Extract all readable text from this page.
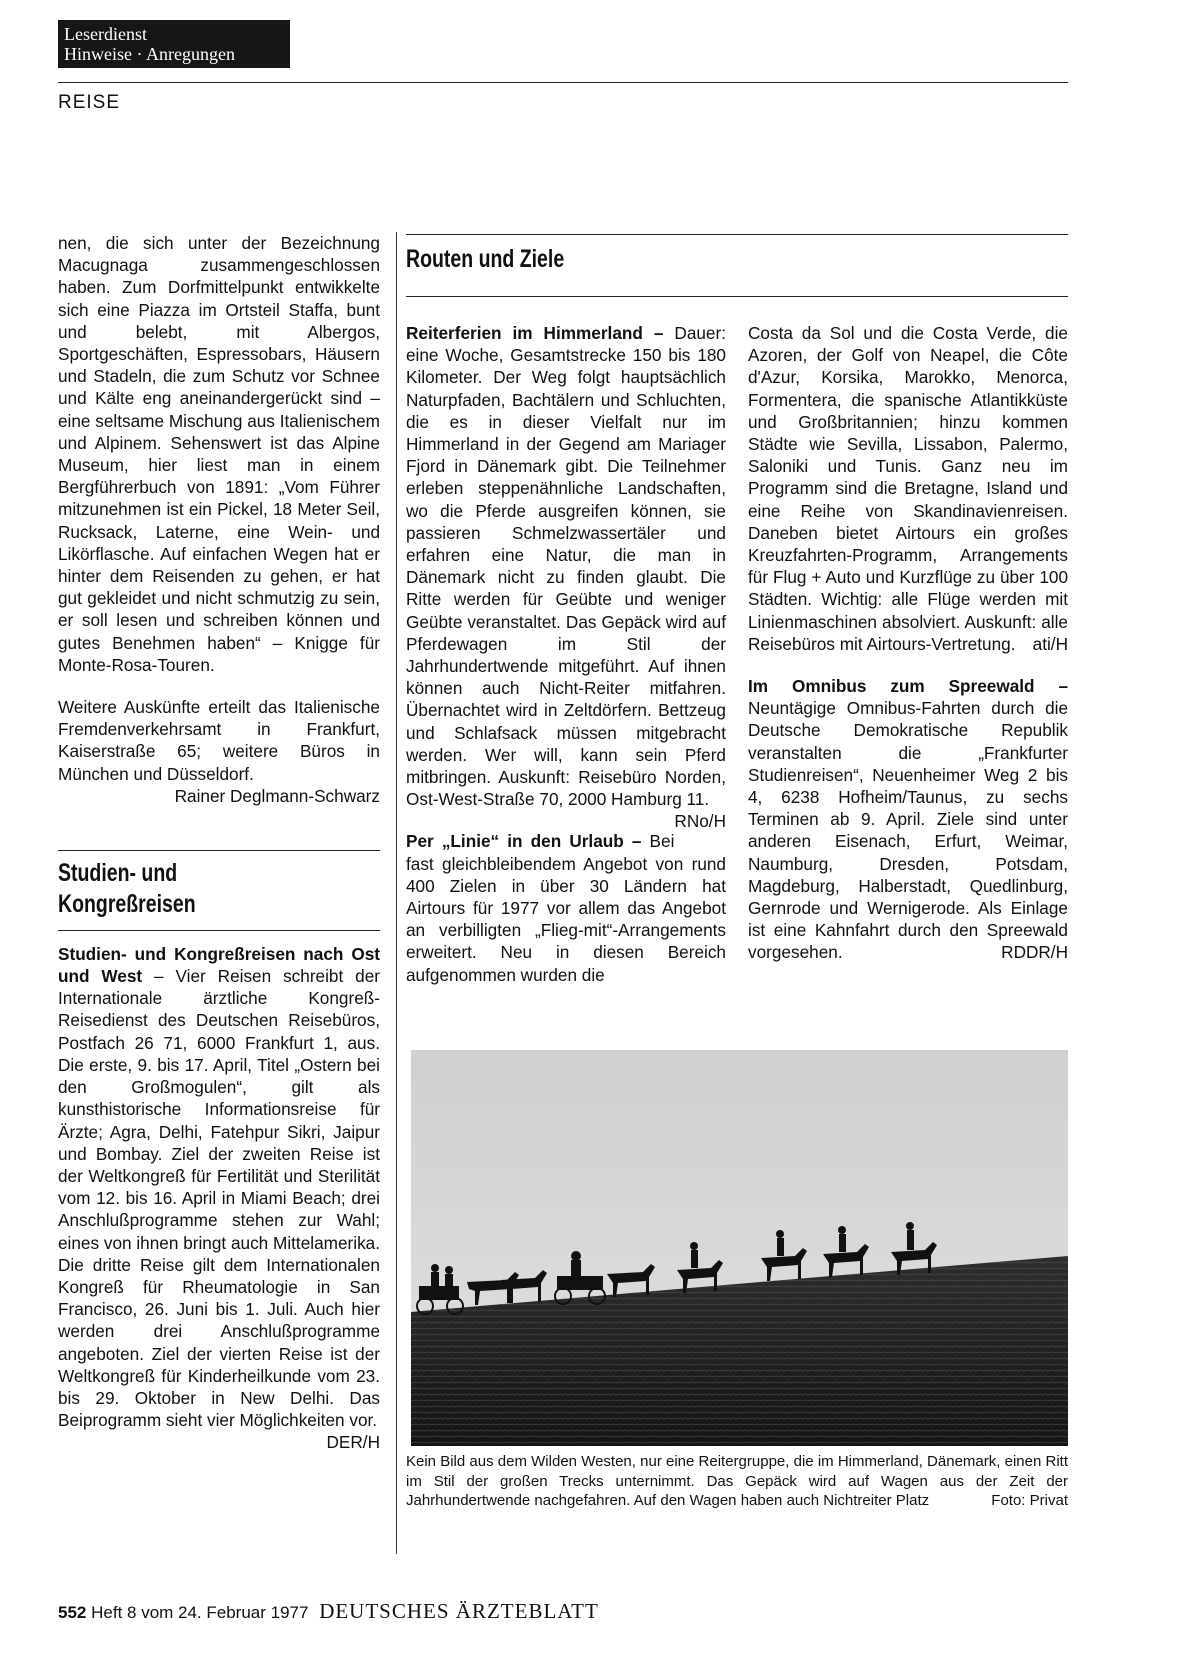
Leserdienst
Hinweise · Anregungen
REISE

nen, die sich unter der Bezeichnung Macugnaga zusammengeschlossen haben. Zum Dorfmittelpunkt entwikkelte sich eine Piazza im Ortsteil Staffa, bunt und belebt, mit Albergos, Sportgeschäften, Espressobars, Häusern und Stadeln, die zum Schutz vor Schnee und Kälte eng aneinandergerückt sind – eine seltsame Mischung aus Italienischem und Alpinem. Sehenswert ist das Alpine Museum, hier liest man in einem Bergführerbuch von 1891: „Vom Führer mitzunehmen ist ein Pickel, 18 Meter Seil, Rucksack, Laterne, eine Wein- und Likörflasche. Auf einfachen Wegen hat er hinter dem Reisenden zu gehen, er hat gut gekleidet und nicht schmutzig zu sein, er soll lesen und schreiben können und gutes Benehmen haben“ – Knigge für Monte-Rosa-Touren.

Weitere Auskünfte erteilt das Italienische Fremdenverkehrsamt in Frankfurt, Kaiserstraße 65; weitere Büros in München und Düsseldorf.
Rainer Deglmann-Schwarz

Studien- und Kongreßreisen nach Ost und West – Vier Reisen schreibt der Internationale ärztliche Kongreß-Reisedienst des Deutschen Reisebüros, Postfach 26 71, 6000 Frankfurt 1, aus. Die erste, 9. bis 17. April, Titel „Ostern bei den Großmogulen“, gilt als kunsthistorische Informationsreise für Ärzte; Agra, Delhi, Fatehpur Sikri, Jaipur und Bombay. Ziel der zweiten Reise ist der Weltkongreß für Fertilität und Sterilität vom 12. bis 16. April in Miami Beach; drei Anschlußprogramme stehen zur Wahl; eines von ihnen bringt auch Mittelamerika. Die dritte Reise gilt dem Internationalen Kongreß für Rheumatologie in San Francisco, 26. Juni bis 1. Juli. Auch hier werden drei Anschlußprogramme angeboten. Ziel der vierten Reise ist der Weltkongreß für Kinderheilkunde vom 23. bis 29. Oktober in New Delhi. Das Beiprogramm sieht vier Möglichkeiten vor.
DER/H

Studien- und
Kongreßreisen
Routen und Ziele

Reiterferien im Himmerland – Dauer: eine Woche, Gesamtstrecke 150 bis 180 Kilometer. Der Weg folgt hauptsächlich Naturpfaden, Bachtälern und Schluchten, die es in dieser Vielfalt nur im Himmerland in der Gegend am Mariager Fjord in Dänemark gibt. Die Teilnehmer erleben steppenähnliche Landschaften, wo die Pferde ausgreifen können, sie passieren Schmelzwassertäler und erfahren eine Natur, die man in Dänemark nicht zu finden glaubt. Die Ritte werden für Geübte und weniger Geübte veranstaltet. Das Gepäck wird auf Pferdewagen im Stil der Jahrhundertwende mitgeführt. Auf ihnen können auch Nicht-Reiter mitfahren. Übernachtet wird in Zeltdörfern. Bettzeug und Schlafsack müssen mitgebracht werden. Wer will, kann sein Pferd mitbringen. Auskunft: Reisebüro Norden, Ost-West-Straße 70, 2000 Hamburg 11.
RNo/H

Per „Linie“ in den Urlaub – Bei fast gleichbleibendem Angebot von rund 400 Zielen in über 30 Ländern hat Airtours für 1977 vor allem das Angebot an verbilligten „Flieg-mit“-Arrangements erweitert. Neu in diesen Bereich aufgenommen wurden die

Costa da Sol und die Costa Verde, die Azoren, der Golf von Neapel, die Côte d'Azur, Korsika, Marokko, Menorca, Formentera, die spanische Atlantikküste und Großbritannien; hinzu kommen Städte wie Sevilla, Lissabon, Palermo, Saloniki und Tunis. Ganz neu im Programm sind die Bretagne, Island und eine Reihe von Skandinavienreisen. Daneben bietet Airtours ein großes Kreuzfahrten-Programm, Arrangements für Flug + Auto und Kurzflüge zu über 100 Städten. Wichtig: alle Flüge werden mit Linienmaschinen absolviert. Auskunft: alle Reisebüros mit Airtours-Vertretung. ati/H

Im Omnibus zum Spreewald – Neuntägige Omnibus-Fahrten durch die Deutsche Demokratische Republik veranstalten die „Frankfurter Studienreisen“, Neuenheimer Weg 2 bis 4, 6238 Hofheim/Taunus, zu sechs Terminen ab 9. April. Ziele sind unter anderen Eisenach, Erfurt, Weimar, Naumburg, Dresden, Potsdam, Magdeburg, Halberstadt, Quedlinburg, Gernrode und Wernigerode. Als Einlage ist eine Kahnfahrt durch den Spreewald vorgesehen.	RDDR/H

Kein Bild aus dem Wilden Westen, nur eine Reitergruppe, die im Himmerland, Dänemark, einen Ritt im Stil der großen Trecks unternimmt. Das Gepäck wird auf Wagen aus der Zeit der Jahrhundertwende nachgefahren. Auf den Wagen haben auch Nichtreiter Platz	Foto: Privat
552 Heft 8 vom 24. Februar 1977 DEUTSCHES ÄRZTEBLATT
